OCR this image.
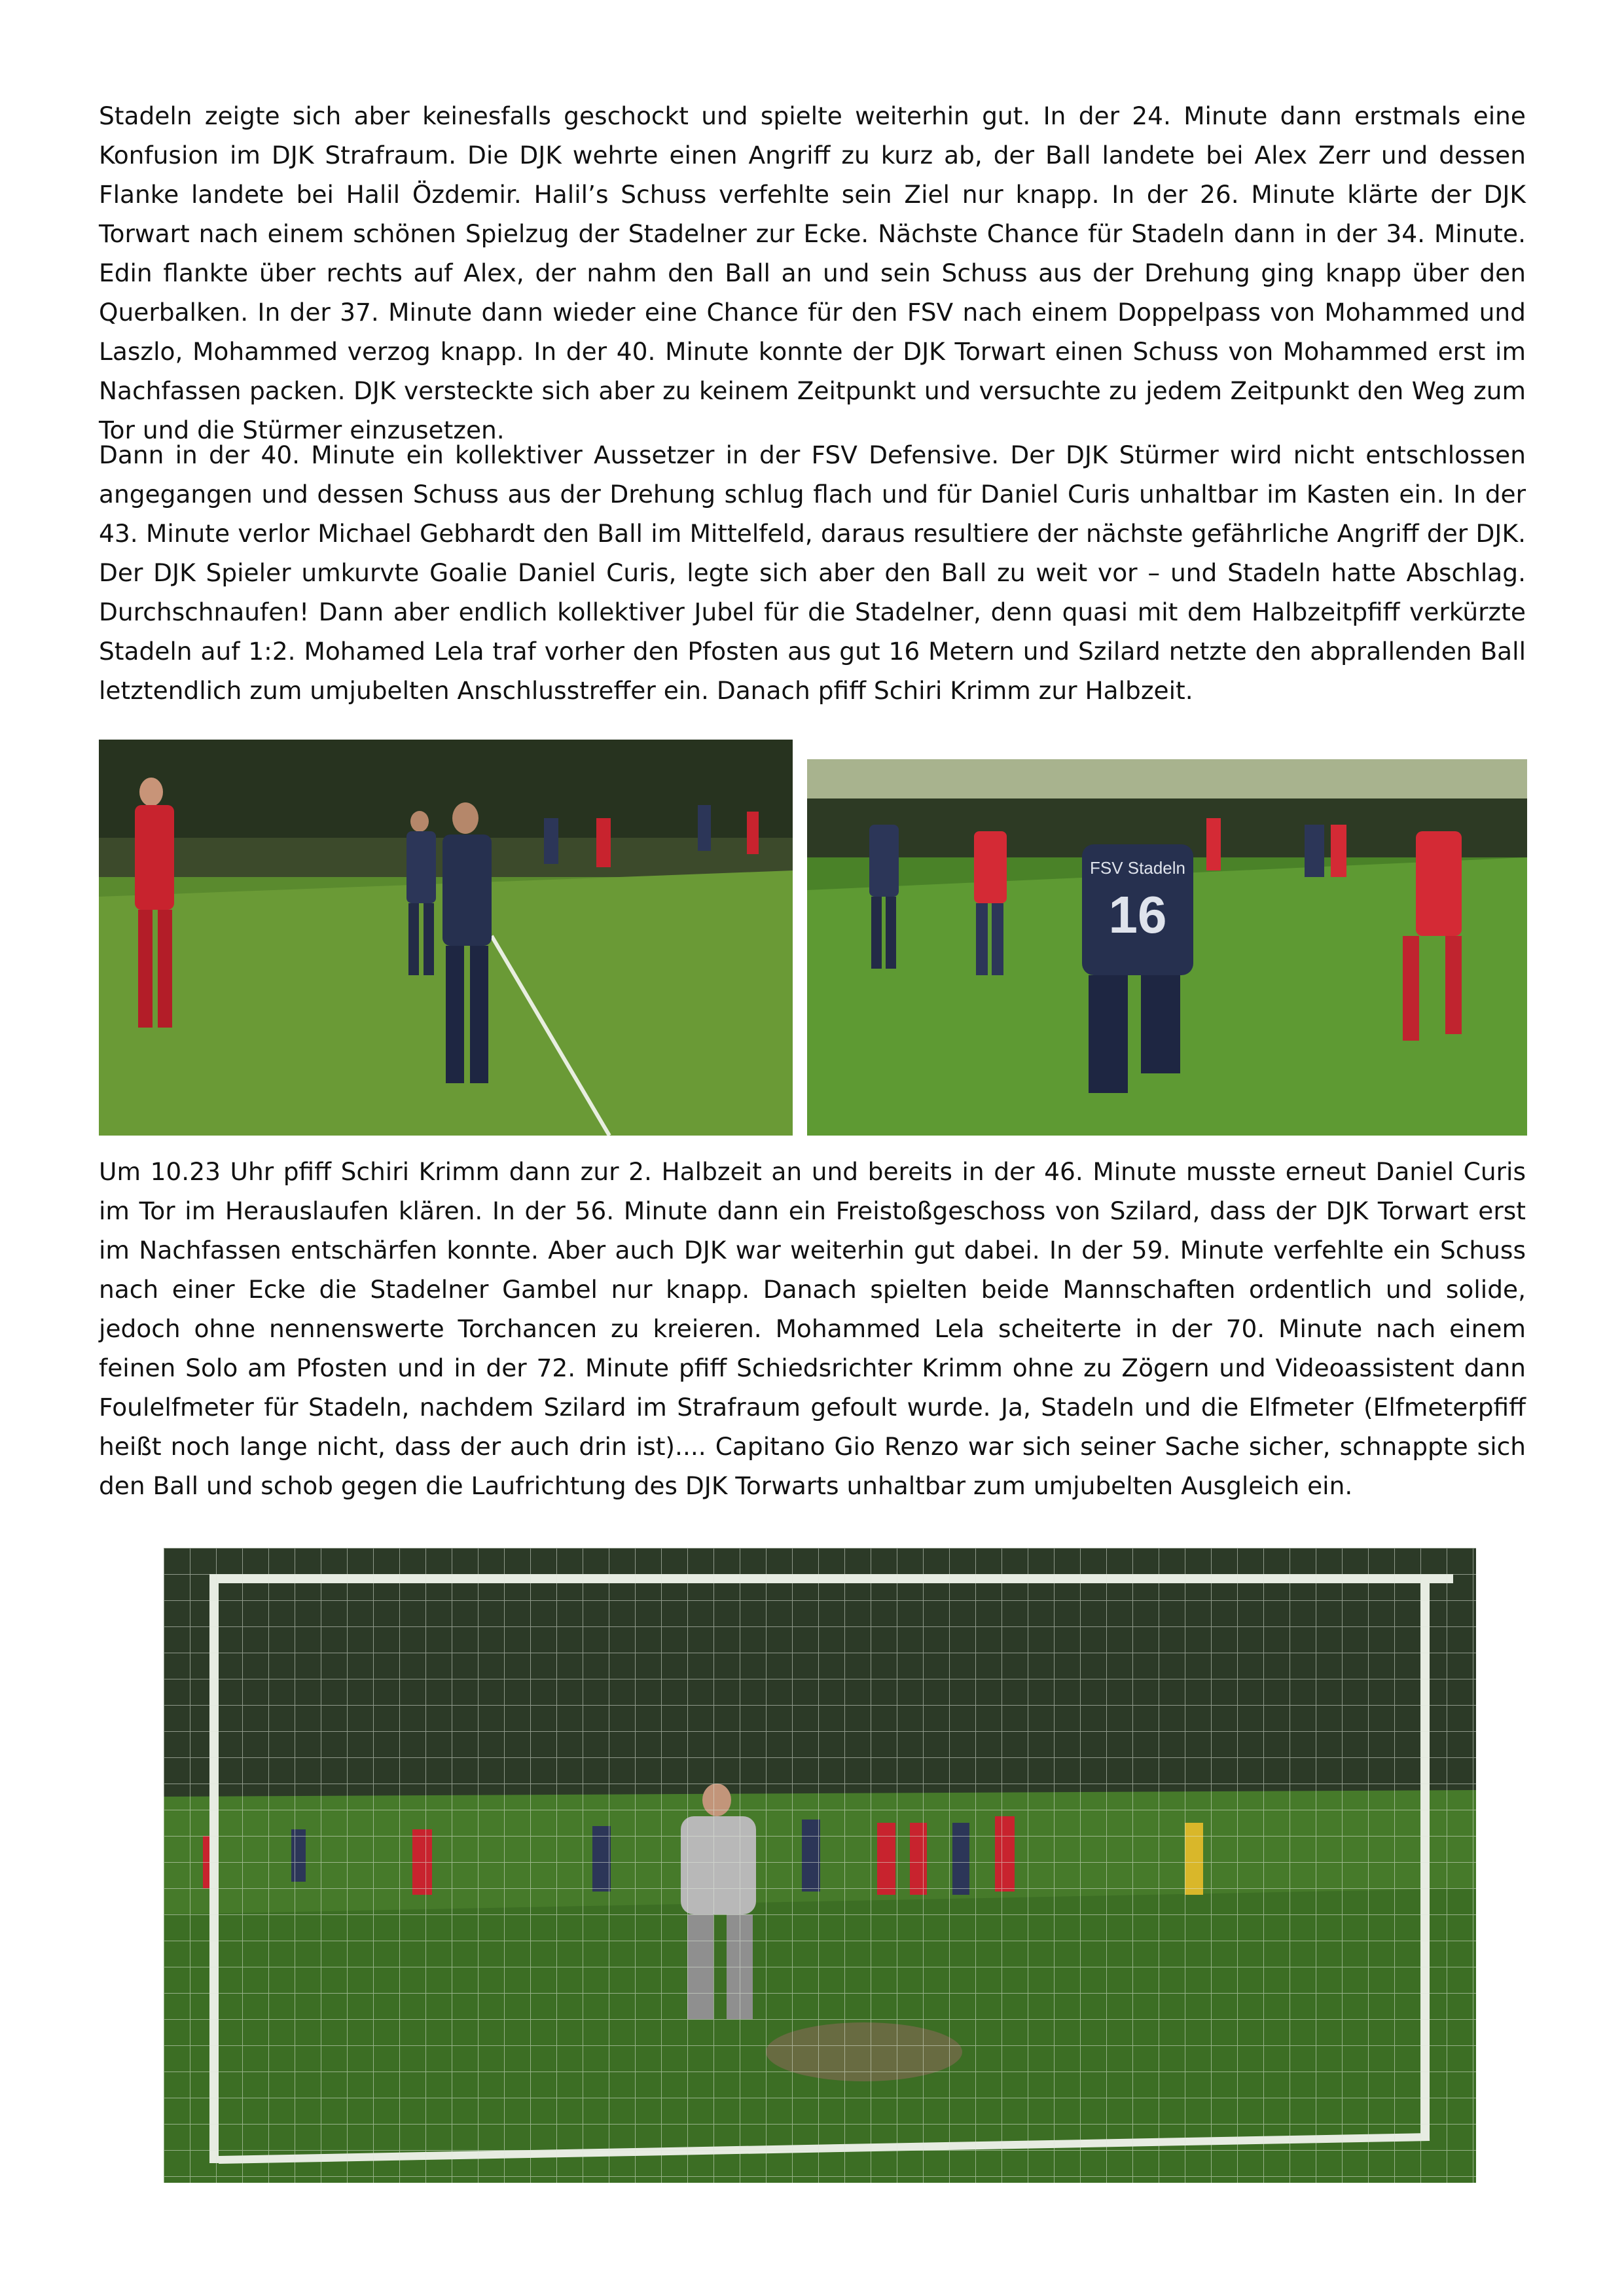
Stadeln zeigte sich aber keinesfalls geschockt und spielte weiterhin gut. In der 24. Minute dann erstmals eine Konfusion im DJK Strafraum. Die DJK wehrte einen Angriff zu kurz ab, der Ball landete bei Alex Zerr und dessen Flanke landete bei Halil Özdemir. Halil’s Schuss verfehlte sein Ziel nur knapp. In der 26. Minute klärte der DJK Torwart nach einem schönen Spielzug der Stadelner zur Ecke. Nächste Chance für Stadeln dann in der 34. Minute. Edin flankte über rechts auf Alex, der nahm den Ball an und sein Schuss aus der Drehung ging knapp über den Querbalken. In der 37. Minute dann wieder eine Chance für den FSV nach einem Doppelpass von Mohammed und Laszlo, Mohammed verzog knapp. In der 40. Minute konnte der DJK Torwart einen Schuss von Mohammed erst im Nachfassen packen. DJK versteckte sich aber zu keinem Zeitpunkt und versuchte zu jedem Zeitpunkt den Weg zum Tor und die Stürmer einzusetzen.

Dann in der 40. Minute ein kollektiver Aussetzer in der FSV Defensive. Der DJK Stürmer wird nicht entschlossen angegangen und dessen Schuss aus der Drehung schlug flach und für Daniel Curis unhaltbar im Kasten ein. In der 43. Minute verlor Michael Gebhardt den Ball im Mittelfeld, daraus resultiere der nächste gefährliche Angriff der DJK. Der DJK Spieler umkurvte Goalie Daniel Curis, legte sich aber den Ball zu weit vor – und Stadeln hatte Abschlag. Durchschnaufen! Dann aber endlich kollektiver Jubel für die Stadelner, denn quasi mit dem Halbzeitpfiff verkürzte Stadeln auf 1:2. Mohamed Lela traf vorher den Pfosten aus gut 16 Metern und Szilard netzte den abprallenden Ball letztendlich zum umjubelten Anschlusstreffer ein. Danach pfiff Schiri Krimm zur Halbzeit.

FSV Stadeln
16

Um 10.23 Uhr pfiff Schiri Krimm dann zur 2. Halbzeit an und bereits in der 46. Minute musste erneut Daniel Curis im Tor im Herauslaufen klären. In der 56. Minute dann ein Freistoßgeschoss von Szilard, dass der DJK Torwart erst im Nachfassen entschärfen konnte. Aber auch DJK war weiterhin gut dabei. In der 59. Minute verfehlte ein Schuss nach einer Ecke die Stadelner Gambel nur knapp. Danach spielten beide Mannschaften ordentlich und solide, jedoch ohne nennenswerte Torchancen zu kreieren. Mohammed Lela scheiterte in der 70. Minute nach einem feinen Solo am Pfosten und in der 72. Minute pfiff Schiedsrichter Krimm ohne zu Zögern und Videoassistent dann Foulelfmeter für Stadeln, nachdem Szilard im Strafraum gefoult wurde. Ja, Stadeln und die Elfmeter (Elfmeterpfiff heißt noch lange nicht, dass der auch drin ist).... Capitano Gio Renzo war sich seiner Sache sicher, schnappte sich den Ball und schob gegen die Laufrichtung des DJK Torwarts unhaltbar zum umjubelten Ausgleich ein.
